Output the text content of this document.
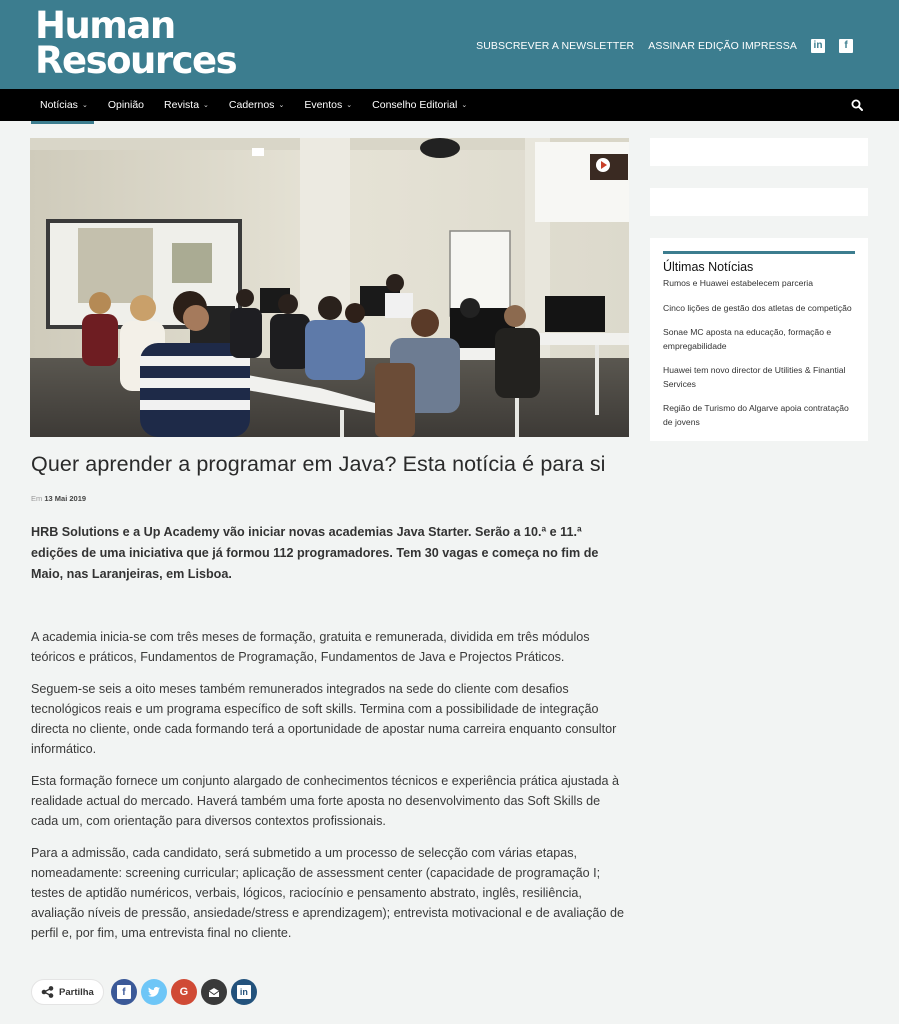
Human
Resources	SUBSCREVER A NEWSLETTER ASSINAR EDIÇÃO IMPRESSA in	f
Notícias ⌄ Opinião Revista ⌄ Cadernos ⌄ Eventos ⌄ Conselho Editorial ⌄
Quer aprender a programar em Java? Esta notícia é para si
Em 13 Mai 2019
HRB Solutions e a Up Academy vão iniciar novas academias Java Starter. Serão a 10.ª e 11.ª edições de uma iniciativa que já formou 112 programadores. Tem 30 vagas e começa no fim de Maio, nas Laranjeiras, em Lisboa.

A academia inicia-se com três meses de formação, gratuita e remunerada, dividida em três módulos teóricos e práticos, Fundamentos de Programação, Fundamentos de Java e Projectos Práticos.

Seguem-se seis a oito meses também remunerados integrados na sede do cliente com desafios tecnológicos reais e um programa específico de soft skills. Termina com a possibilidade de integração directa no cliente, onde cada formando terá a oportunidade de apostar numa carreira enquanto consultor informático.

Esta formação fornece um conjunto alargado de conhecimentos técnicos e experiência prática ajustada à realidade actual do mercado. Haverá também uma forte aposta no desenvolvimento das Soft Skills de cada um, com orientação para diversos contextos profissionais.

Para a admissão, cada candidato, será submetido a um processo de selecção com várias etapas, nomeadamente: screening curricular; aplicação de assessment center (capacidade de programação I; testes de aptidão numéricos, verbais, lógicos, raciocínio e pensamento abstrato, inglês, resiliência, avaliação níveis de pressão, ansiedade/stress e aprendizagem); entrevista motivacional e de avaliação de perfil e, por fim, uma entrevista final no cliente.

Partilha	f	G	in
Últimas Notícias
Rumos e Huawei estabelecem parceria
Cinco lições de gestão dos atletas de competição
Sonae MC aposta na educação, formação e empregabilidade
Huawei tem novo director de Utilities & Finantial Services
Região de Turismo do Algarve apoia contratação de jovens
